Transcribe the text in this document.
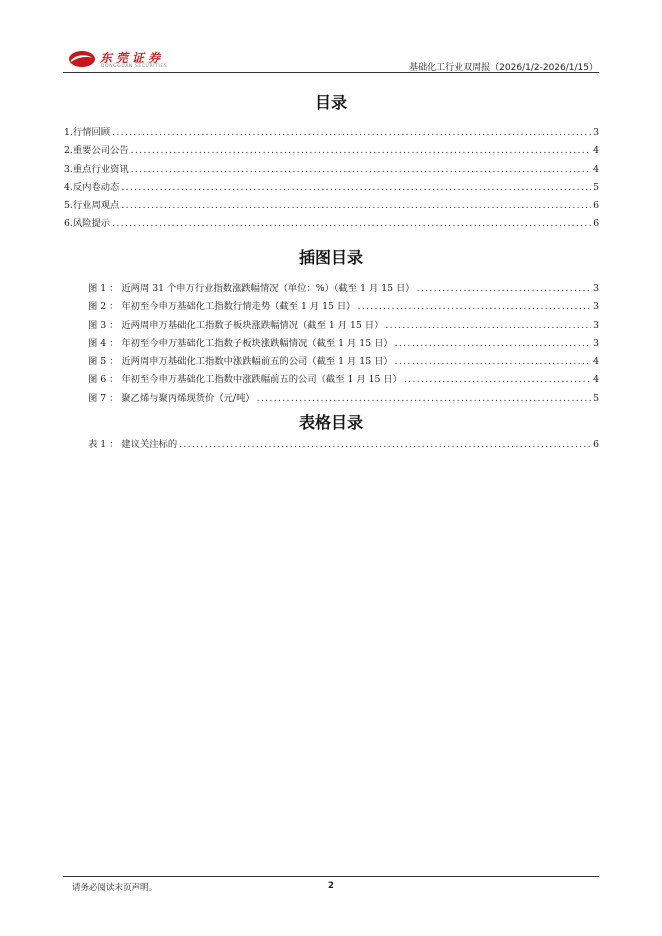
东莞证券
DONGGUAN SECURITIES	基础化工行业双周报（2026/1/2-2026/1/15）
目录
1.行情回顾 .....	3
2.重要公司公告 .....	4
3.重点行业资讯 .....	4
4.反内卷动态 .....	5
5.行业周观点 .....	6
6.风险提示 .....	6
插图目录
图 1 ： 近两周 31 个申万行业指数涨跌幅情况（单位：%）（截至 1 月 15 日） .....	3
图 2 ： 年初至今申万基础化工指数行情走势（截至 1 月 15 日） .....	3
图 3 ： 近两周申万基础化工指数子板块涨跌幅情况（截至 1 月 15 日） .....	3
图 4 ： 年初至今申万基础化工指数子板块涨跌幅情况（截至 1 月 15 日） .....	3
图 5 ： 近两周申万基础化工指数中涨跌幅前五的公司（截至 1 月 15 日） .....	4
图 6 ： 年初至今申万基础化工指数中涨跌幅前五的公司（截至 1 月 15 日） .....	4
图 7 ： 聚乙烯与聚丙烯现货价（元/吨） .....	5
表格目录
表 1 ： 建议关注标的 .....	6
请务必阅读末页声明。	2
